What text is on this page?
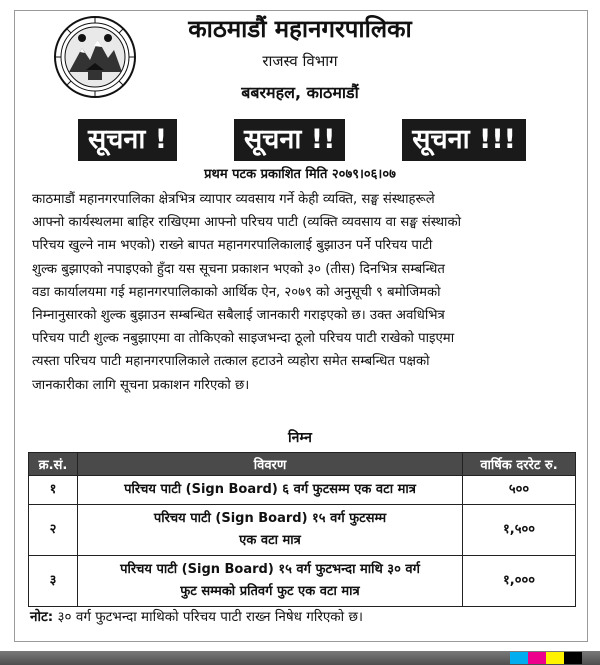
काठमाडौं महानगरपालिका
राजस्व विभाग
बबरमहल, काठमाडौं
सूचना !	सूचना !!	सूचना !!!
प्रथम पटक प्रकाशित मिति २०७९।०६।०७
काठमाडौं महानगरपालिका क्षेत्रभित्र व्यापार व्यवसाय गर्ने केही व्यक्ति, सङ्घ संस्थाहरूले
आफ्नो कार्यस्थलमा बाहिर राखिएमा आफ्नो परिचय पाटी (व्यक्ति व्यवसाय वा सङ्घ संस्थाको
परिचय खुल्ने नाम भएको) राख्ने बापत महानगरपालिकालाई बुझाउन पर्ने परिचय पाटी
शुल्क बुझाएको नपाइएको हुँदा यस सूचना प्रकाशन भएको ३० (तीस) दिनभित्र सम्बन्धित
वडा कार्यालयमा गई महानगरपालिकाको आर्थिक ऐन, २०७९ को अनुसूची ९ बमोजिमको
निम्नानुसारको शुल्क बुझाउन सम्बन्धित सबैलाई जानकारी गराइएको छ। उक्त अवधिभित्र
परिचय पाटी शुल्क नबुझाएमा वा तोकिएको साइजभन्दा ठूलो परिचय पाटी राखेको पाइएमा
त्यस्ता परिचय पाटी महानगरपालिकाले तत्काल हटाउने व्यहोरा समेत सम्बन्धित पक्षको
जानकारीका लागि सूचना प्रकाशन गरिएको छ।
निम्न
क्र.सं.	विवरण	वार्षिक दररेट रु.
१	परिचय पाटी (Sign Board) ६ वर्ग फुटसम्म एक वटा मात्र	५००
२	परिचय पाटी (Sign Board) १५ वर्ग फुटसम्म
एक वटा मात्र	१,५००
३	परिचय पाटी (Sign Board) १५ वर्ग फुटभन्दा माथि ३० वर्ग
फुट सम्मको प्रतिवर्ग फुट एक वटा मात्र	१,०००
नोट: ३० वर्ग फुटभन्दा माथिको परिचय पाटी राख्न निषेध गरिएको छ।
